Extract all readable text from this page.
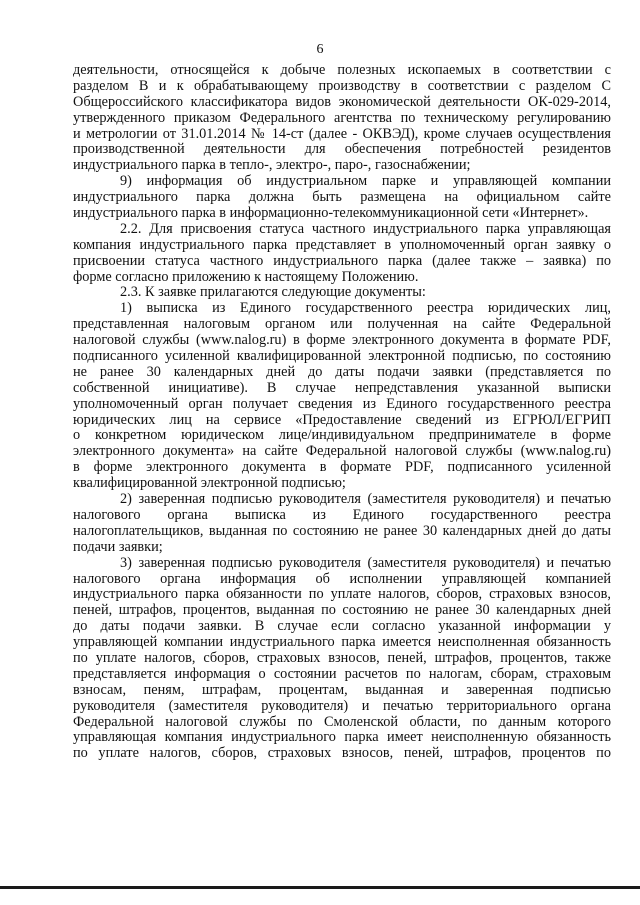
6
деятельности, относящейся к добыче полезных ископаемых в соответствии с
разделом В и к обрабатывающему производству в соответствии с разделом С
Общероссийского классификатора видов экономической деятельности ОК-029-2014,
утвержденного приказом Федерального агентства по техническому регулированию
и метрологии от 31.01.2014 № 14-ст (далее - ОКВЭД), кроме случаев осуществления
производственной деятельности для обеспечения потребностей резидентов
индустриального парка в тепло-, электро-, паро-, газоснабжении;
9) информация об индустриальном парке и управляющей компании
индустриального парка должна быть размещена на официальном сайте
индустриального парка в информационно-телекоммуникационной сети «Интернет».
2.2. Для присвоения статуса частного индустриального парка управляющая
компания индустриального парка представляет в уполномоченный орган заявку о
присвоении статуса частного индустриального парка (далее также – заявка) по
форме согласно приложению к настоящему Положению.
2.3. К заявке прилагаются следующие документы:
1) выписка из Единого государственного реестра юридических лиц,
представленная налоговым органом или полученная на сайте Федеральной
налоговой службы (www.nalog.ru) в форме электронного документа в формате PDF,
подписанного усиленной квалифицированной электронной подписью, по состоянию
не ранее 30 календарных дней до даты подачи заявки (представляется по
собственной инициативе). В случае непредставления указанной выписки
уполномоченный орган получает сведения из Единого государственного реестра
юридических лиц на сервисе «Предоставление сведений из ЕГРЮЛ/ЕГРИП
о конкретном юридическом лице/индивидуальном предпринимателе в форме
электронного документа» на сайте Федеральной налоговой службы (www.nalog.ru)
в форме электронного документа в формате PDF, подписанного усиленной
квалифицированной электронной подписью;
2) заверенная подписью руководителя (заместителя руководителя) и печатью
налогового органа выписка из Единого государственного реестра
налогоплательщиков, выданная по состоянию не ранее 30 календарных дней до даты
подачи заявки;
3) заверенная подписью руководителя (заместителя руководителя) и печатью
налогового органа информация об исполнении управляющей компанией
индустриального парка обязанности по уплате налогов, сборов, страховых взносов,
пеней, штрафов, процентов, выданная по состоянию не ранее 30 календарных дней
до даты подачи заявки. В случае если согласно указанной информации у
управляющей компании индустриального парка имеется неисполненная обязанность
по уплате налогов, сборов, страховых взносов, пеней, штрафов, процентов, также
представляется информация о состоянии расчетов по налогам, сборам, страховым
взносам, пеням, штрафам, процентам, выданная и заверенная подписью
руководителя (заместителя руководителя) и печатью территориального органа
Федеральной налоговой службы по Смоленской области, по данным которого
управляющая компания индустриального парка имеет неисполненную обязанность
по уплате налогов, сборов, страховых взносов, пеней, штрафов, процентов по
